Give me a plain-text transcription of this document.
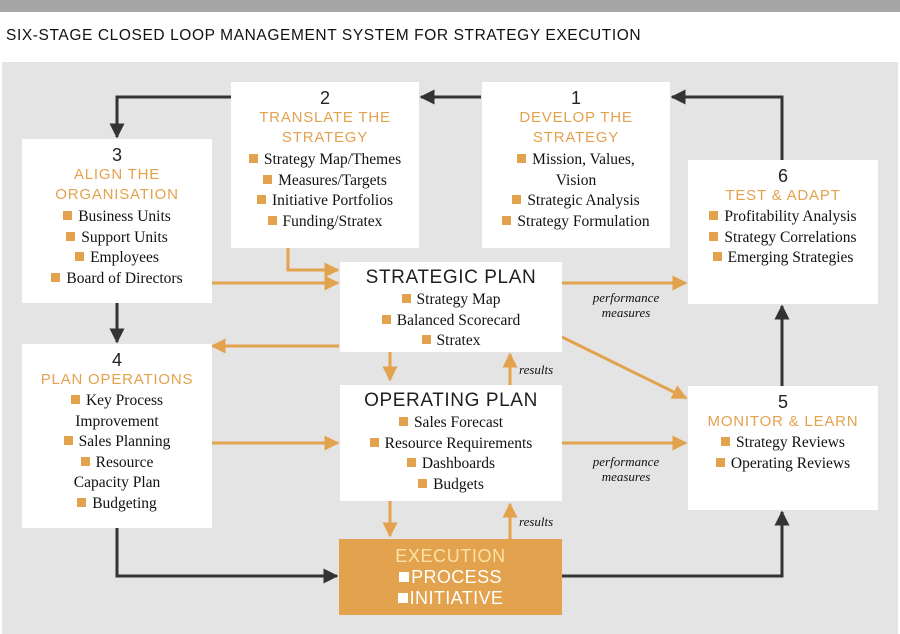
SIX-STAGE CLOSED LOOP MANAGEMENT SYSTEM FOR STRATEGY EXECUTION
1
DEVELOP THE
STRATEGY
Mission, Values, Vision
Strategic Analysis
Strategy Formulation
2
TRANSLATE THE
STRATEGY
Strategy Map/Themes
Measures/Targets
Initiative Portfolios
Funding/Stratex
3
ALIGN THE
ORGANISATION
Business Units
Support Units
Employees
Board of Directors
4
PLAN OPERATIONS
Key Process Improvement
Sales Planning
Resource Capacity Plan
Budgeting
6
TEST & ADAPT
Profitability Analysis
Strategy Correlations
Emerging Strategies
5
MONITOR & LEARN
Strategy Reviews
Operating Reviews
STRATEGIC PLAN
Strategy Map
Balanced Scorecard
Stratex
OPERATING PLAN
Sales Forecast
Resource Requirements
Dashboards
Budgets
EXECUTION
PROCESS
INITIATIVE
performance
measures
performance
measures
results
results
